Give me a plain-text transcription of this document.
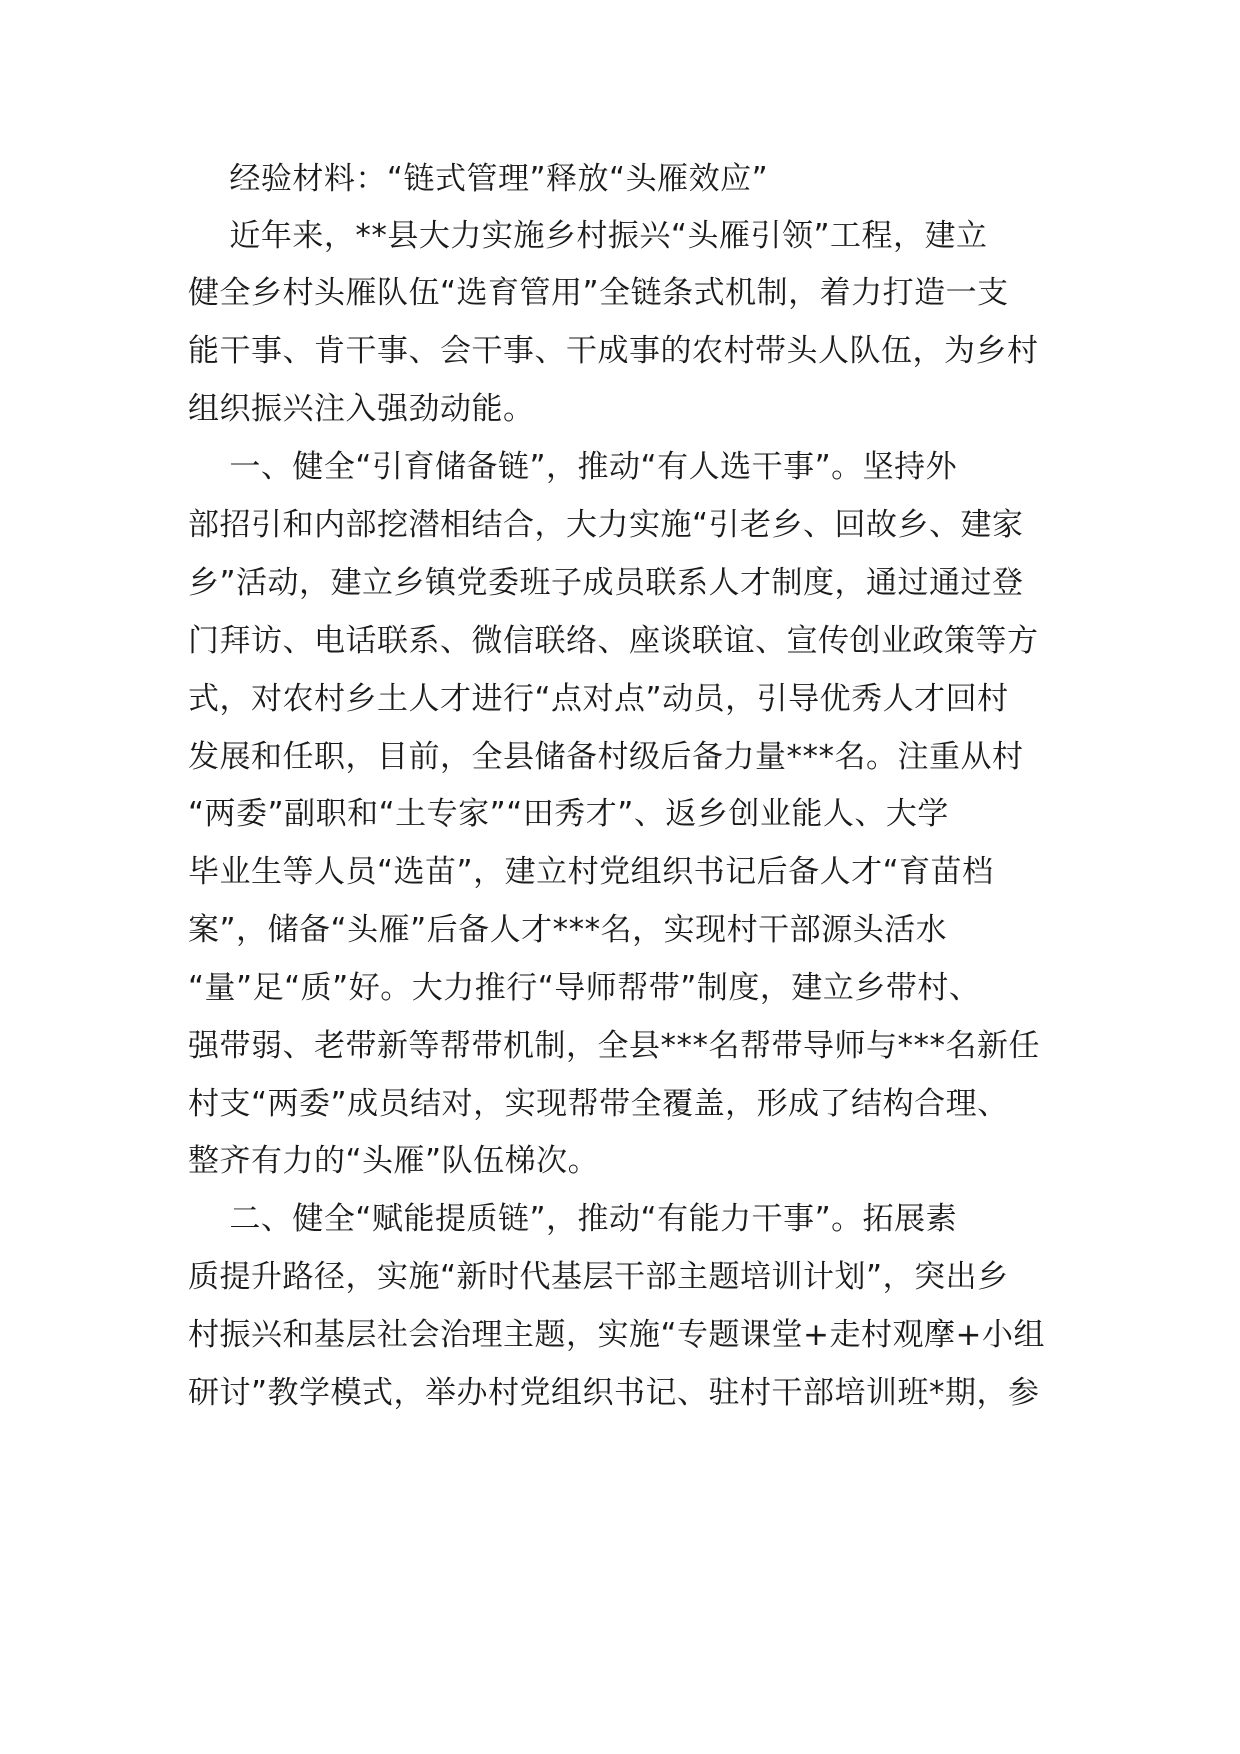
经验材料：“链式管理”释放“头雁效应”
近年来，**县大力实施乡村振兴“头雁引领”工程，建立
健全乡村头雁队伍“选育管用”全链条式机制，着力打造一支
能干事、肯干事、会干事、干成事的农村带头人队伍，为乡村
组织振兴注入强劲动能。
一、健全“引育储备链”，推动“有人选干事”。坚持外
部招引和内部挖潜相结合，大力实施“引老乡、回故乡、建家
乡”活动，建立乡镇党委班子成员联系人才制度，通过通过登
门拜访、电话联系、微信联络、座谈联谊、宣传创业政策等方
式，对农村乡土人才进行“点对点”动员，引导优秀人才回村
发展和任职，目前，全县储备村级后备力量***名。注重从村
“两委”副职和“土专家”“田秀才”、返乡创业能人、大学
毕业生等人员“选苗”，建立村党组织书记后备人才“育苗档
案”，储备“头雁”后备人才***名，实现村干部源头活水
“量”足“质”好。大力推行“导师帮带”制度，建立乡带村、
强带弱、老带新等帮带机制，全县***名帮带导师与***名新任
村支“两委”成员结对，实现帮带全覆盖，形成了结构合理、
整齐有力的“头雁”队伍梯次。
二、健全“赋能提质链”，推动“有能力干事”。拓展素
质提升路径，实施“新时代基层干部主题培训计划”，突出乡
村振兴和基层社会治理主题，实施“专题课堂+走村观摩+小组
研讨”教学模式，举办村党组织书记、驻村干部培训班*期，参
